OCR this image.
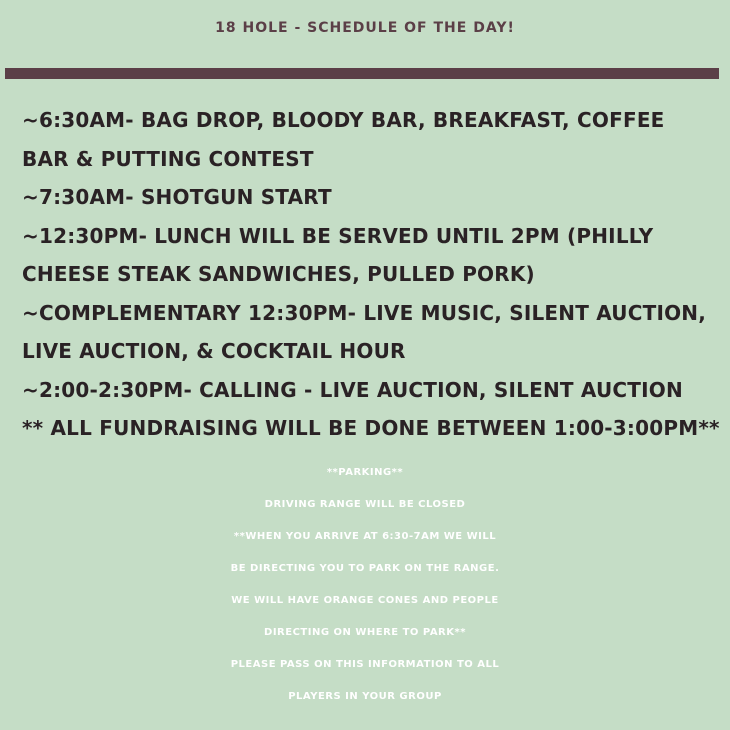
18 HOLE - SCHEDULE OF THE DAY!
~6:30AM- BAG DROP, BLOODY BAR, BREAKFAST, COFFEE
BAR & PUTTING CONTEST
~7:30AM- SHOTGUN START
~12:30PM- LUNCH WILL BE SERVED UNTIL 2PM (PHILLY
CHEESE STEAK SANDWICHES, PULLED PORK)
~COMPLEMENTARY 12:30PM- LIVE MUSIC, SILENT AUCTION,
LIVE AUCTION, & COCKTAIL HOUR
~2:00-2:30PM- CALLING - LIVE AUCTION, SILENT AUCTION
** ALL FUNDRAISING WILL BE DONE BETWEEN 1:00-3:00PM**
**PARKING**
DRIVING RANGE WILL BE CLOSED
**WHEN YOU ARRIVE AT 6:30-7AM WE WILL
BE DIRECTING YOU TO PARK ON THE RANGE.
WE WILL HAVE ORANGE CONES AND PEOPLE
DIRECTING ON WHERE TO PARK**
PLEASE PASS ON THIS INFORMATION TO ALL
PLAYERS IN YOUR GROUP
